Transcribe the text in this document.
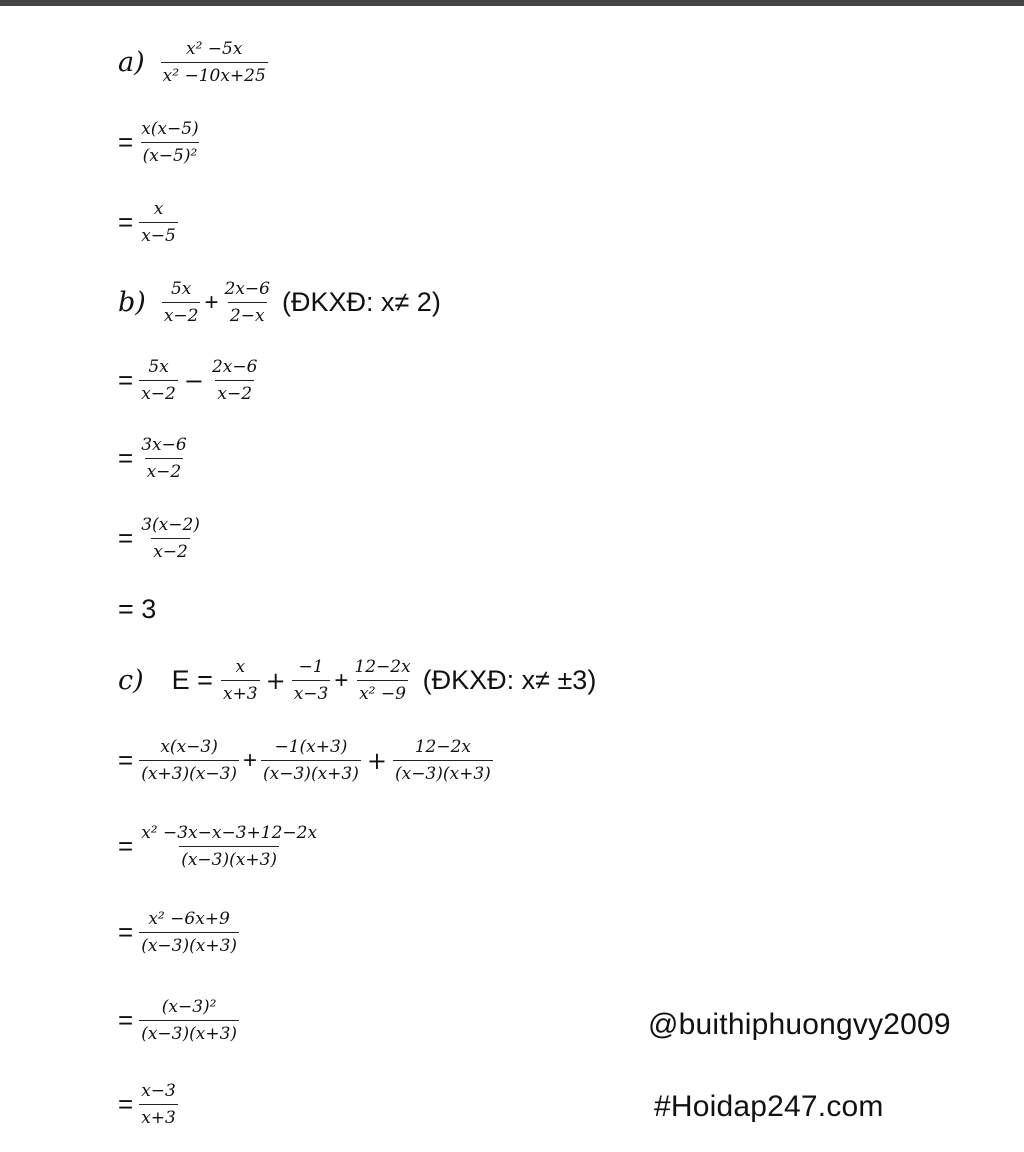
$a) \frac{\text{x² −5x}}{\text{x² −10x+25}}$
= $\frac{x(x-5)}{\text{(x−5)²}}$
= $\frac{x}{x-5}$
$b) \frac{5x}{x-2} + \frac{2x-6}{2-x}$ (ĐKXĐ: x≠ 2)
= $\frac{5x}{x-2} - \frac{2x-6}{x-2}$
= $\frac{3x-6}{x-2}$
= $\frac{3(x-2)}{x-2}$
= 3
c) $E = \frac{x}{x+3} + \frac{-1}{x-3} + \frac{12-2x}{\text{x² −9}}$ (ĐKXĐ: x≠ ±3)
= $\frac{x(x-3)}{(x+3)(x-3)} + \frac{-1(x+3)}{(x-3)(x+3)} + \frac{12-2x}{(x-3)(x+3)}$
= $\frac{\text{x² −3x−x−3+12−2x}}{(x-3)(x+3)}$
= $\frac{\text{x² −6x+9}}{(x-3)(x+3)}$
= $\frac{\text{(x−3)²}}{(x-3)(x+3)}$
= $\frac{x-3}{x+3}$
@buithiphuongvy2009
#Hoidap247.com
